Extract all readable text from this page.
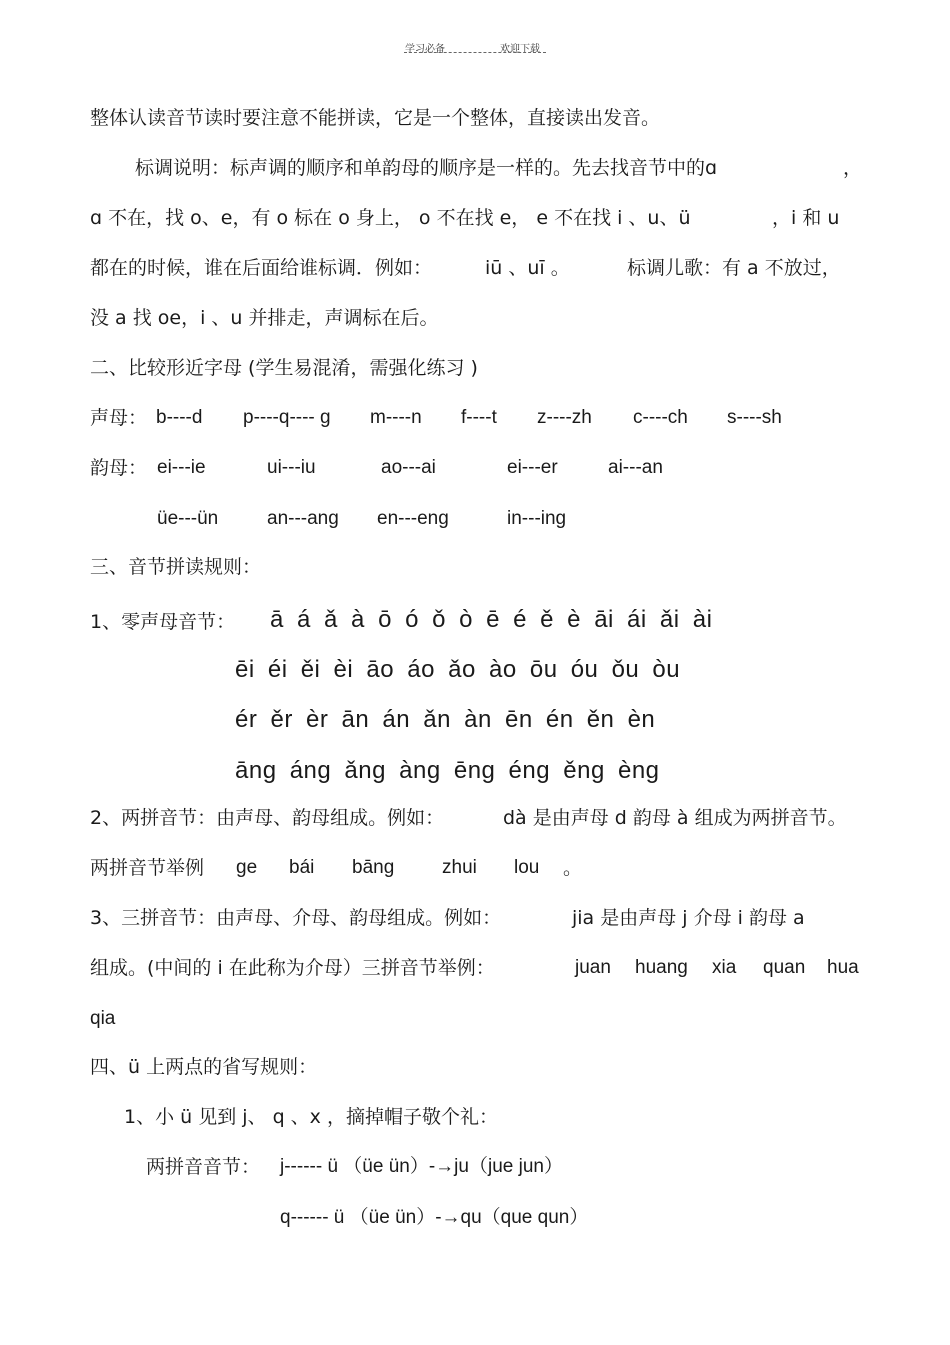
学习必备	欢迎下载
整体认读音节读时要注意不能拼读，它是一个整体，直接读出发音。
标调说明：标声调的顺序和单韵母的顺序是一样的。先去找音节中的ɑ	，
ɑ 不在，找 o、e，有 o 标在 o 身上， o 不在找 e， e 不在找 i 、u、ü	，i 和 u
都在的时候，谁在后面给谁标调．例如：	iū 、uī 。	标调儿歌：有 a 不放过，
没 a 找 oe，i 、u 并排走，声调标在后。
二、比较形近字母 (学生易混淆，需强化练习 )
声母： b----d p----q---- g m----n f----t z----zh c----ch s----sh
韵母： ei---ie	ui---iu	ao---ai	ei---er	ai---an
üe---ün	an---ang en---eng	in---ing
三、音节拼读规则：
1、零声母音节： ā á ǎ à ō ó ǒ ò ē é ě è āi ái ǎi ài
ēi éi ěi èi āo áo ǎo ào ōu óu ǒu òu
ér ěr èr ān án ǎn àn ēn én ěn èn
āng áng ǎng àng ēng éng ěng èng
2、两拼音节：由声母、韵母组成。例如：	dà 是由声母 d 韵母 à 组成为两拼音节。
两拼音节举例 ge bái bāng	zhui lou 。
3、三拼音节：由声母、介母、韵母组成。例如：	jia 是由声母 j 介母 i 韵母 a
组成。(中间的 i 在此称为介母）三拼音节举例：	juan huang xia quan hua
qia
四、ü 上两点的省写规则：
1、小 ü 见到 j、 q 、x ，摘掉帽子敬个礼：
两拼音音节： j------ ü （üe ün）-→ju（jue jun）
q------ ü （üe ün）-→qu（que qun）
